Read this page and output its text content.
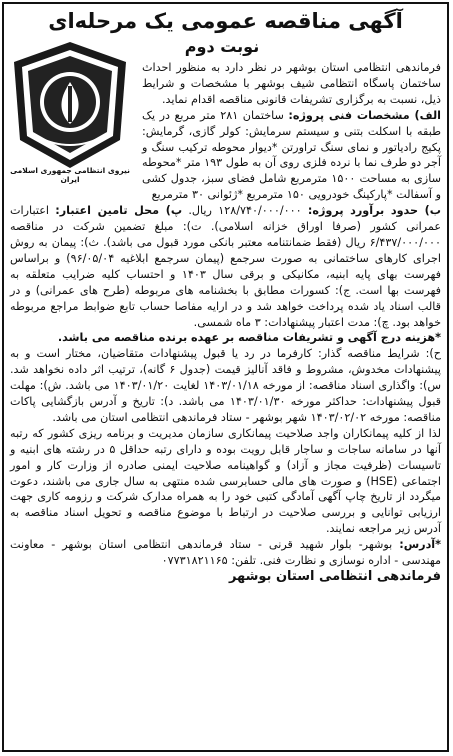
آگهی مناقصه عمومی یک مرحله‌ای
نوبت دوم

فرماندهی انتظامی استان بوشهر در نظر دارد به منظور احداث ساختمان پاسگاه انتظامی شیف بوشهر با مشخصات و شرایط ذیل، نسبت به برگزاری تشریفات قانونی مناقصه اقدام نماید.

الف) مشخصات فنی پروژه: ساختمان ۲۸۱ متر مربع در یک طبقه با اسکلت بتنی و سیستم سرمایش: کولر گازی، گرمایش: پکیج رادیاتور و نمای سنگ تراورتن *دیوار محوطه ترکیب سنگ و آجر دو طرف نما با نرده فلزی روی آن به طول ۱۹۳ متر *محوطه سازی به مساحت ۱۵۰۰ مترمربع شامل فضای سبز، جدول کشی و آسفالت *پارکینگ خودرویی ۱۵۰ مترمربع *ژئوانی ۳۰ مترمربع

ب) حدود برآورد پروژه: ۱۲۸/۷۴۰/۰۰۰/۰۰۰ ریال. پ) محل تامین اعتبار: اعتبارات عمرانی کشور (صرفا اوراق خزانه اسلامی). ت): مبلغ تضمین شرکت در مناقصه ۶/۴۳۷/۰۰۰/۰۰۰ ریال (فقط ضمانتنامه معتبر بانکی مورد قبول می باشد). ث): پیمان به روش اجرای کارهای ساختمانی به صورت سرجمع (پیمان سرجمع ابلاغیه ۹۶/۰۵/۰۴) و براساس فهرست بهای پایه ابنیه، مکانیکی و برقی سال ۱۴۰۳ و احتساب کلیه ضرایب متعلقه به فهرست بها است. ج): کسورات مطابق با بخشنامه های مربوطه (طرح های عمرانی) و در قالب اسناد یاد شده پرداخت خواهد شد و در ارایه مفاصا حساب تابع ضوابط مراجع مربوطه خواهد بود. چ): مدت اعتبار پیشنهادات: ۳ ماه شمسی.

*هزینه درج آگهی و تشریفات مناقصه بر عهده برنده مناقصه می باشد.

ح): شرایط مناقصه گذار: کارفرما در رد یا قبول پیشنهادات متقاضیان، مختار است و به پیشنهادات مخدوش، مشروط و فاقد آنالیز قیمت (جدول ۶ گانه)، ترتیب اثر داده نخواهد شد. س): واگذاری اسناد مناقصه: از مورخه ۱۴۰۳/۰۱/۱۸ لغایت ۱۴۰۳/۰۱/۲۰ می باشد. ش): مهلت قبول پیشنهادات: حداکثر مورخه ۱۴۰۳/۰۱/۳۰ می باشد. د): تاریخ و آدرس بازگشایی پاکات مناقصه: مورخه ۱۴۰۳/۰۲/۰۲ شهر بوشهر - ستاد فرماندهی انتظامی استان می باشد.

لذا از کلیه پیمانکاران واجد صلاحیت پیمانکاری سازمان مدیریت و برنامه ریزی کشور که رتبه آنها در سامانه ساجات و ساجار قابل رویت بوده و دارای رتبه حداقل ۵ در رشته های ابنیه و تاسیسات (ظرفیت مجاز و آزاد) و گواهینامه صلاحیت ایمنی صادره از وزارت کار و امور اجتماعی (HSE) و صورت های مالی حسابرسی شده منتهی به سال جاری می باشند، دعوت میگردد از تاریخ چاپ آگهی آمادگی کتبی خود را به همراه مدارک شرکت و رزومه کاری جهت ارزیابی توانایی و بررسی صلاحیت در ارتباط با موضوع مناقصه و تحویل اسناد مناقصه به آدرس زیر مراجعه نمایند.

*آدرس: بوشهر- بلوار شهید قرنی - ستاد فرماندهی انتظامی استان بوشهر - معاونت مهندسی - اداره نوسازی و نظارت فنی. تلفن: ۰۷۷۳۱۸۲۱۱۶۵

فرماندهی انتظامی استان بوشهر

نیروی انتظامی جمهوری اسلامی ایران
